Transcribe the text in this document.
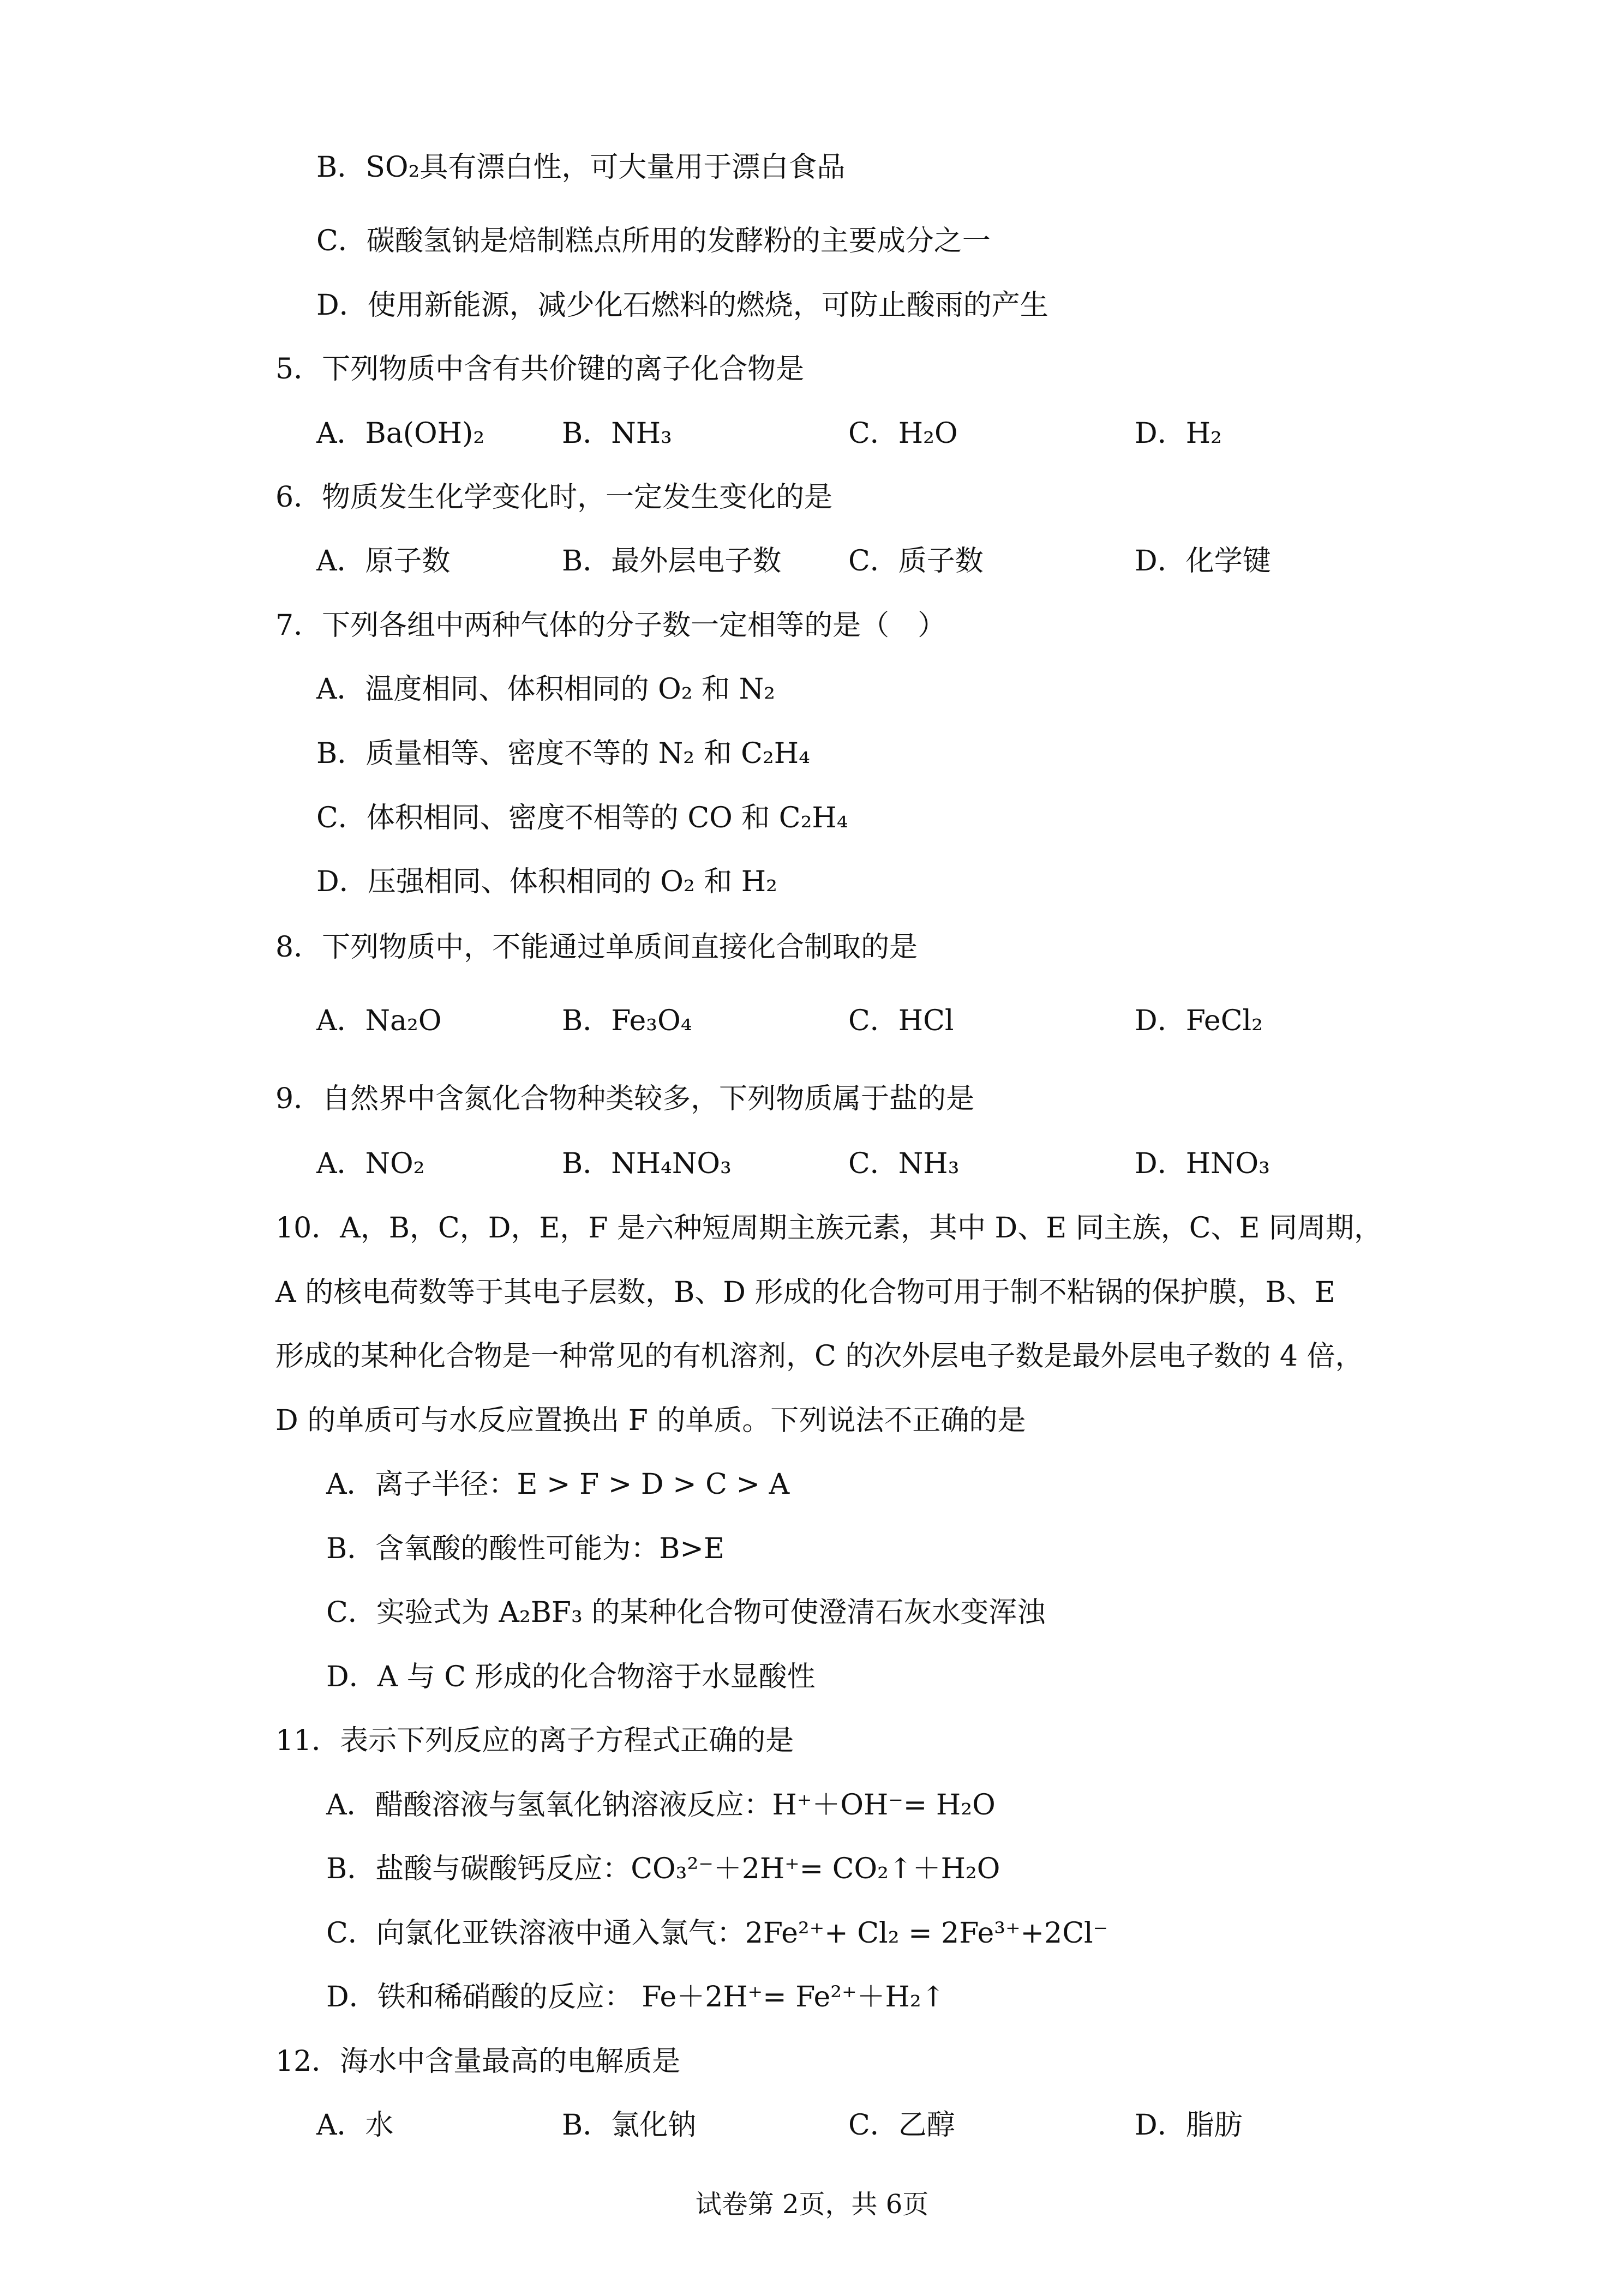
B．SO₂具有漂白性，可大量用于漂白食品
C．碳酸氢钠是焙制糕点所用的发酵粉的主要成分之一
D．使用新能源，减少化石燃料的燃烧，可防止酸雨的产生
5．下列物质中含有共价键的离子化合物是
A．Ba(OH)₂	B．NH₃	C．H₂O	D．H₂
6．物质发生化学变化时，一定发生变化的是
A．原子数	B．最外层电子数 C．质子数	D．化学键
7．下列各组中两种气体的分子数一定相等的是（　）
A．温度相同、体积相同的 O₂ 和 N₂
B．质量相等、密度不等的 N₂ 和 C₂H₄
C．体积相同、密度不相等的 CO 和 C₂H₄
D．压强相同、体积相同的 O₂ 和 H₂
8．下列物质中，不能通过单质间直接化合制取的是
A．Na₂O	B．Fe₃O₄	C．HCl	D．FeCl₂
9．自然界中含氮化合物种类较多，下列物质属于盐的是
A．NO₂	B．NH₄NO₃	C．NH₃	D．HNO₃
10．A，B，C，D，E，F 是六种短周期主族元素，其中 D、E 同主族，C、E 同周期，
A 的核电荷数等于其电子层数，B、D 形成的化合物可用于制不粘锅的保护膜，B、E
形成的某种化合物是一种常见的有机溶剂，C 的次外层电子数是最外层电子数的 4 倍，
D 的单质可与水反应置换出 F 的单质。下列说法不正确的是
A．离子半径：E > F > D > C > A
B．含氧酸的酸性可能为：B>E
C．实验式为 A₂BF₃ 的某种化合物可使澄清石灰水变浑浊
D．A 与 C 形成的化合物溶于水显酸性
11．表示下列反应的离子方程式正确的是
A．醋酸溶液与氢氧化钠溶液反应：H⁺＋OH⁻= H₂O
B．盐酸与碳酸钙反应：CO₃²⁻＋2H⁺= CO₂↑＋H₂O
C．向氯化亚铁溶液中通入氯气：2Fe²⁺+ Cl₂ = 2Fe³⁺+2Cl⁻
D．铁和稀硝酸的反应： Fe＋2H⁺= Fe²⁺＋H₂↑
12．海水中含量最高的电解质是
A．水	B．氯化钠	C．乙醇	D．脂肪
试卷第 2页，共 6页
